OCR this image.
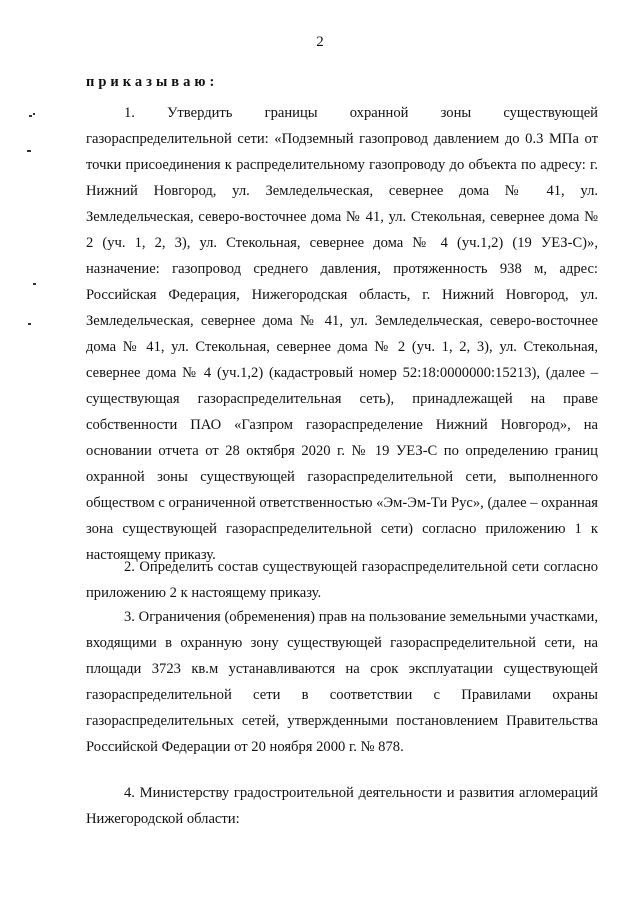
2
приказываю:
1. Утвердить границы охранной зоны существующей газораспределительной сети: «Подземный газопровод давлением до 0.3 МПа от точки присоединения к распределительному газопроводу до объекта по адресу: г. Нижний Новгород, ул. Земледельческая, севернее дома № 41, ул. Земледельческая, северо-восточнее дома № 41, ул. Стекольная, севернее дома № 2 (уч. 1, 2, 3), ул. Стекольная, севернее дома № 4 (уч.1,2) (19 УЕЗ-С)», назначение: газопровод среднего давления, протяженность 938 м, адрес: Российская Федерация, Нижегородская область, г. Нижний Новгород, ул. Земледельческая, севернее дома № 41, ул. Земледельческая, северо-восточнее дома № 41, ул. Стекольная, севернее дома № 2 (уч. 1, 2, 3), ул. Стекольная, севернее дома № 4 (уч.1,2) (кадастровый номер 52:18:0000000:15213), (далее – существующая газораспределительная сеть), принадлежащей на праве собственности ПАО «Газпром газораспределение Нижний Новгород», на основании отчета от 28 октября 2020 г. № 19 УЕЗ-С по определению границ охранной зоны существующей газораспределительной сети, выполненного обществом с ограниченной ответственностью «Эм-Эм-Ти Рус», (далее – охранная зона существующей газораспределительной сети) согласно приложению 1 к настоящему приказу.
2. Определить состав существующей газораспределительной сети согласно приложению 2 к настоящему приказу.
3. Ограничения (обременения) прав на пользование земельными участками, входящими в охранную зону существующей газораспределительной сети, на площади 3723 кв.м устанавливаются на срок эксплуатации существующей газораспределительной сети в соответствии с Правилами охраны газораспределительных сетей, утвержденными постановлением Правительства Российской Федерации от 20 ноября 2000 г. № 878.
4. Министерству градостроительной деятельности и развития агломераций Нижегородской области:
